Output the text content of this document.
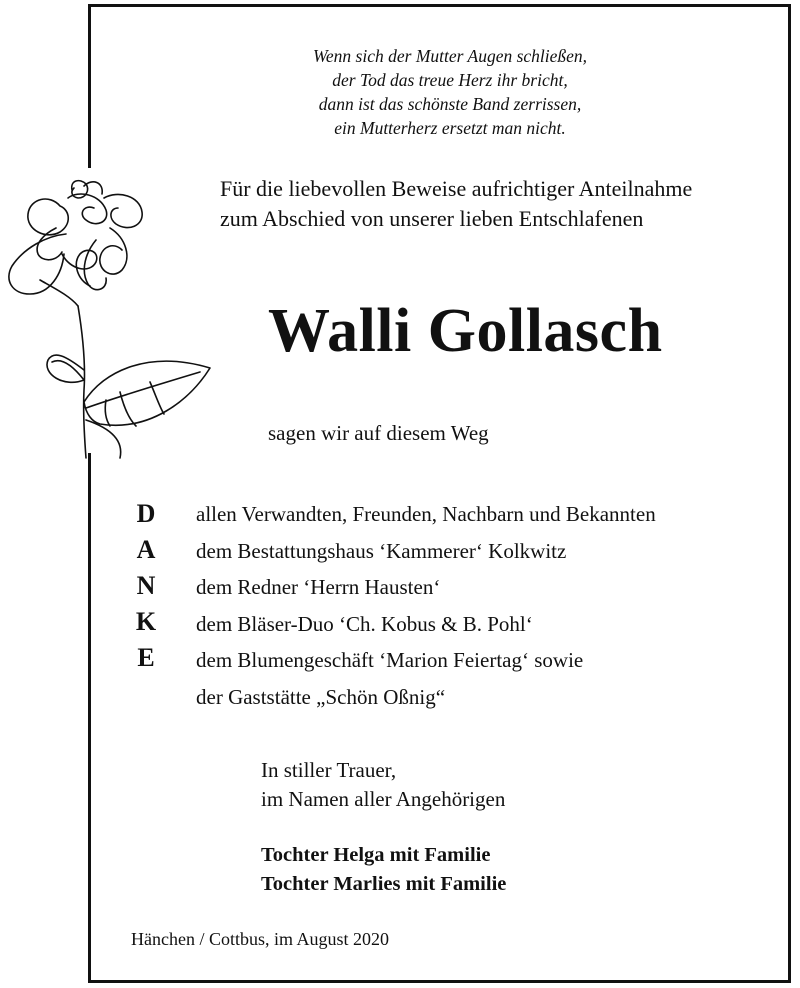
Wenn sich der Mutter Augen schließen,
der Tod das treue Herz ihr bricht,
dann ist das schönste Band zerrissen,
ein Mutterherz ersetzt man nicht.
Für die liebevollen Beweise aufrichtiger Anteilnahme
zum Abschied von unserer lieben Entschlafenen
Walli Gollasch
sagen wir auf diesem Weg
D
A
N
K
E
allen Verwandten, Freunden, Nachbarn und Bekannten
dem Bestattungshaus ‘Kammerer‘ Kolkwitz
dem Redner ‘Herrn Hausten‘
dem Bläser-Duo ‘Ch. Kobus & B. Pohl‘
dem Blumengeschäft ‘Marion Feiertag‘ sowie
der Gaststätte „Schön Oßnig“
In stiller Trauer,
im Namen aller Angehörigen
Tochter Helga mit Familie
Tochter Marlies mit Familie
Hänchen / Cottbus, im August 2020
